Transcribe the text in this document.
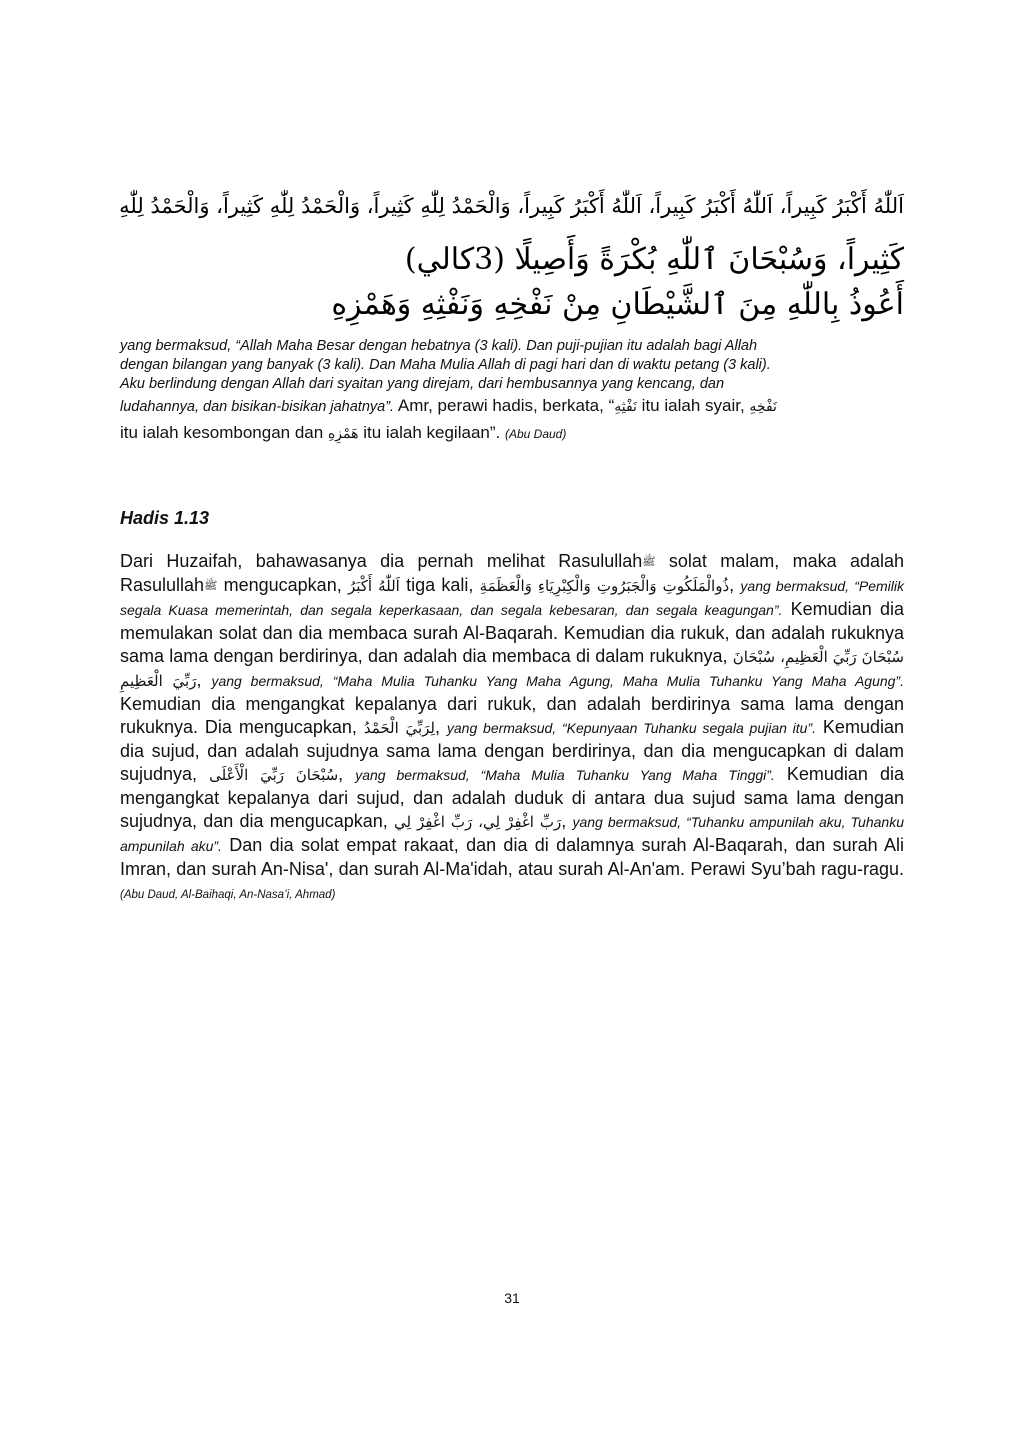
اَللّٰهُ أَكْبَرُ كَبِيراً، اَللّٰهُ أَكْبَرُ كَبِيراً، اَللّٰهُ أَكْبَرُ كَبِيراً، وَالْحَمْدُ لِلّٰهِ كَثِيراً، وَالْحَمْدُ لِلّٰهِ كَثِيراً، وَالْحَمْدُ لِلّٰهِ
كَثِيراً، وَسُبْحَانَ ٱللّٰهِ بُكْرَةً وَأَصِيلًا (3كالي)
أَعُوذُ بِاللّٰهِ مِنَ ٱلشَّيْطَانِ مِنْ نَفْخِهِ وَنَفْثِهِ وَهَمْزِهِ
yang bermaksud, “Allah Maha Besar dengan hebatnya (3 kali). Dan puji-pujian itu adalah bagi Allah
dengan bilangan yang banyak (3 kali). Dan Maha Mulia Allah di pagi hari dan di waktu petang (3 kali).
Aku berlindung dengan Allah dari syaitan yang direjam, dari hembusannya yang kencang, dan
ludahannya, dan bisikan-bisikan jahatnya”. Amr, perawi hadis, berkata, “نَفْثِهِ itu ialah syair, نَفْخِهِ
itu ialah kesombongan dan هَمْزِهِ itu ialah kegilaan”. (Abu Daud)
Hadis 1.13
Dari Huzaifah, bahawasanya dia pernah melihat Rasulullahﷺ solat malam, maka adalah Rasulullahﷺ mengucapkan, اَللّٰهُ أَكْبَرُ tiga kali, ذُوالْمَلَكُوتِ وَالْجَبَرُوتِ وَالْكِبْرِيَاءِ وَالْعَظَمَةِ, yang bermaksud, “Pemilik segala Kuasa memerintah, dan segala keperkasaan, dan segala kebesaran, dan segala keagungan”. Kemudian dia memulakan solat dan dia membaca surah Al-Baqarah. Kemudian dia rukuk, dan adalah rukuknya sama lama dengan berdirinya, dan adalah dia membaca di dalam rukuknya, سُبْحَانَ رَبِّيَ الْعَظِيمِ، سُبْحَانَ رَبِّيَ الْعَظِيمِ, yang bermaksud, “Maha Mulia Tuhanku Yang Maha Agung, Maha Mulia Tuhanku Yang Maha Agung”. Kemudian dia mengangkat kepalanya dari rukuk, dan adalah berdirinya sama lama dengan rukuknya. Dia mengucapkan, لِرَبِّيَ الْحَمْدُ, yang bermaksud, “Kepunyaan Tuhanku segala pujian itu”. Kemudian dia sujud, dan adalah sujudnya sama lama dengan berdirinya, dan dia mengucapkan di dalam sujudnya, سُبْحَانَ رَبِّيَ الْأَعْلَى, yang bermaksud, “Maha Mulia Tuhanku Yang Maha Tinggi”. Kemudian dia mengangkat kepalanya dari sujud, dan adalah duduk di antara dua sujud sama lama dengan sujudnya, dan dia mengucapkan, رَبِّ اغْفِرْ لِي، رَبِّ اغْفِرْ لِي, yang bermaksud, “Tuhanku ampunilah aku, Tuhanku ampunilah aku”. Dan dia solat empat rakaat, dan dia di dalamnya surah Al-Baqarah, dan surah Ali Imran, dan surah An-Nisa', dan surah Al-Ma'idah, atau surah Al-An'am. Perawi Syu’bah ragu-ragu. (Abu Daud, Al-Baihaqi, An-Nasa’i, Ahmad)
31
